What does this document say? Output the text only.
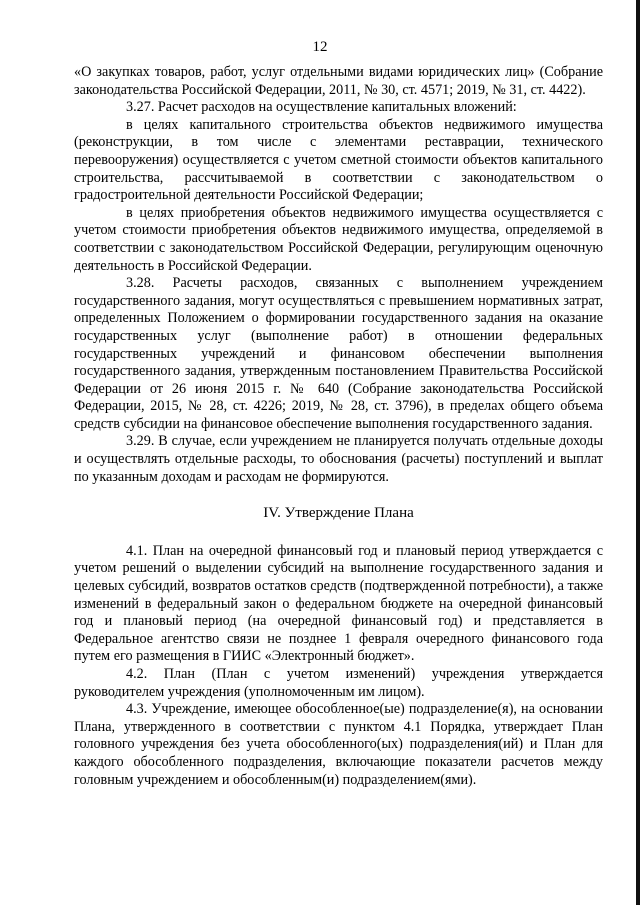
12

«О закупках товаров, работ, услуг отдельными видами юридических лиц» (Собрание законодательства Российской Федерации, 2011, № 30, ст. 4571; 2019, № 31, ст. 4422).

3.27. Расчет расходов на осуществление капитальных вложений:

в целях капитального строительства объектов недвижимого имущества (реконструкции, в том числе с элементами реставрации, технического перевооружения) осуществляется с учетом сметной стоимости объектов капитального строительства, рассчитываемой в соответствии с законодательством о градостроительной деятельности Российской Федерации;

в целях приобретения объектов недвижимого имущества осуществляется с учетом стоимости приобретения объектов недвижимого имущества, определяемой в соответствии с законодательством Российской Федерации, регулирующим оценочную деятельность в Российской Федерации.

3.28. Расчеты расходов, связанных с выполнением учреждением государственного задания, могут осуществляться с превышением нормативных затрат, определенных Положением о формировании государственного задания на оказание государственных услуг (выполнение работ) в отношении федеральных государственных учреждений и финансовом обеспечении выполнения государственного задания, утвержденным постановлением Правительства Российской Федерации от 26 июня 2015 г. № 640 (Собрание законодательства Российской Федерации, 2015, № 28, ст. 4226; 2019, № 28, ст. 3796), в пределах общего объема средств субсидии на финансовое обеспечение выполнения государственного задания.

3.29. В случае, если учреждением не планируется получать отдельные доходы и осуществлять отдельные расходы, то обоснования (расчеты) поступлений и выплат по указанным доходам и расходам не формируются.

IV. Утверждение Плана

4.1. План на очередной финансовый год и плановый период утверждается с учетом решений о выделении субсидий на выполнение государственного задания и целевых субсидий, возвратов остатков средств (подтвержденной потребности), а также изменений в федеральный закон о федеральном бюджете на очередной финансовый год и плановый период (на очередной финансовый год) и представляется в Федеральное агентство связи не позднее 1 февраля очередного финансового года путем его размещения в ГИИС «Электронный бюджет».

4.2. План (План с учетом изменений) учреждения утверждается руководителем учреждения (уполномоченным им лицом).

4.3. Учреждение, имеющее обособленное(ые) подразделение(я), на основании Плана, утвержденного в соответствии с пунктом 4.1 Порядка, утверждает План головного учреждения без учета обособленного(ых) подразделения(ий) и План для каждого обособленного подразделения, включающие показатели расчетов между головным учреждением и обособленным(и) подразделением(ями).
